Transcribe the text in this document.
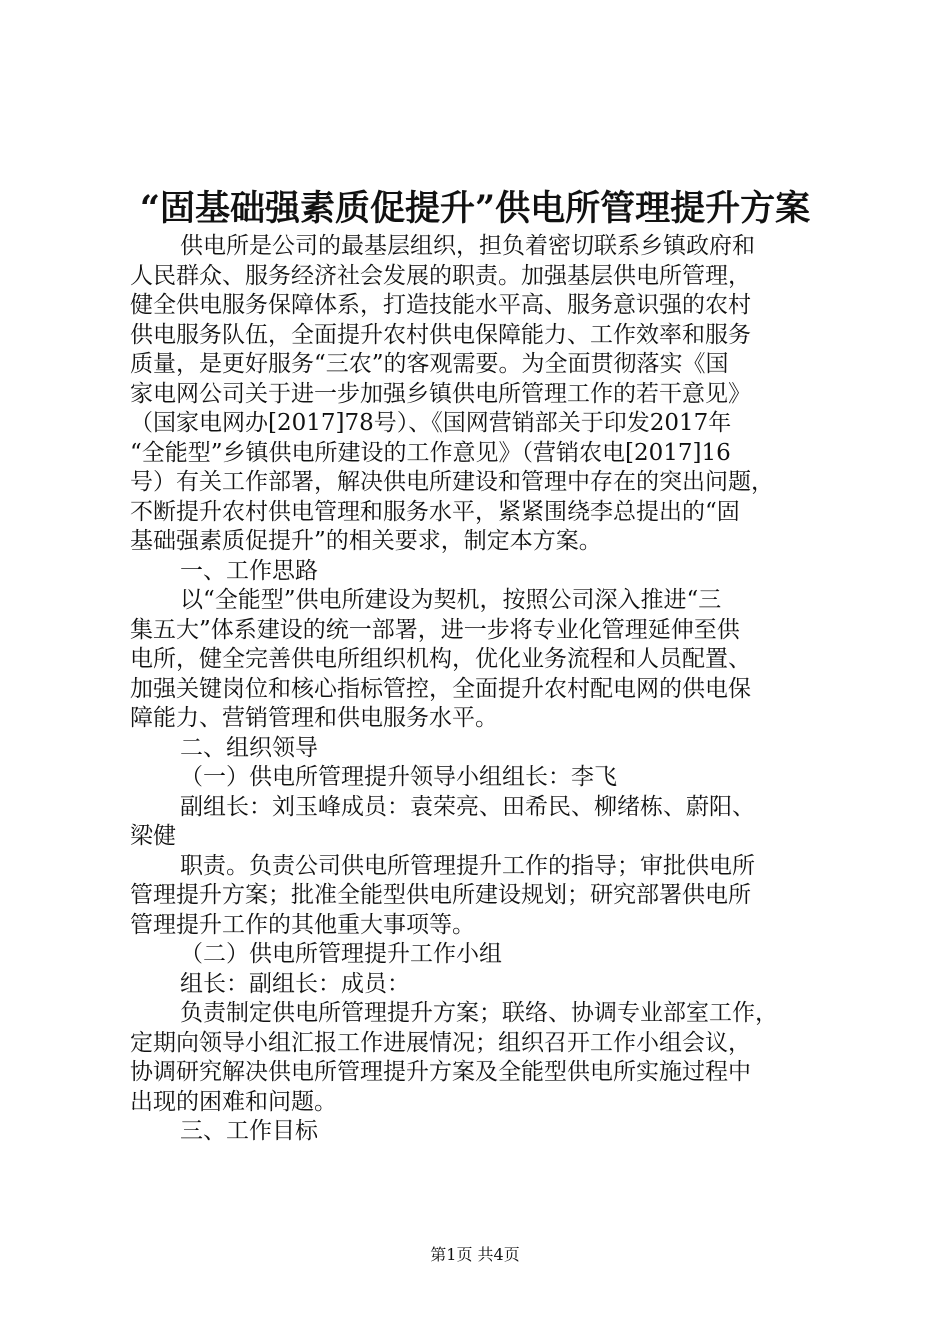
“固基础强素质促提升”供电所管理提升方案
供电所是公司的最基层组织，担负着密切联系乡镇政府和
人民群众、服务经济社会发展的职责。加强基层供电所管理，
健全供电服务保障体系，打造技能水平高、服务意识强的农村
供电服务队伍，全面提升农村供电保障能力、工作效率和服务
质量，是更好服务“三农”的客观需要。为全面贯彻落实《国
家电网公司关于进一步加强乡镇供电所管理工作的若干意见》
（国家电网办[2017]78号）、《国网营销部关于印发2017年
“全能型”乡镇供电所建设的工作意见》（营销农电[2017]16
号）有关工作部署，解决供电所建设和管理中存在的突出问题，
不断提升农村供电管理和服务水平，紧紧围绕李总提出的“固
基础强素质促提升”的相关要求，制定本方案。
一、工作思路
以“全能型”供电所建设为契机，按照公司深入推进“三
集五大”体系建设的统一部署，进一步将专业化管理延伸至供
电所，健全完善供电所组织机构，优化业务流程和人员配置、
加强关键岗位和核心指标管控，全面提升农村配电网的供电保
障能力、营销管理和供电服务水平。
二、组织领导
（一）供电所管理提升领导小组组长：李飞
副组长：刘玉峰成员：袁荣亮、田希民、柳绪栋、蔚阳、
梁健
职责。负责公司供电所管理提升工作的指导；审批供电所
管理提升方案；批准全能型供电所建设规划；研究部署供电所
管理提升工作的其他重大事项等。
（二）供电所管理提升工作小组
组长：副组长：成员：
负责制定供电所管理提升方案；联络、协调专业部室工作，
定期向领导小组汇报工作进展情况；组织召开工作小组会议，
协调研究解决供电所管理提升方案及全能型供电所实施过程中
出现的困难和问题。
三、工作目标
第1页 共4页
